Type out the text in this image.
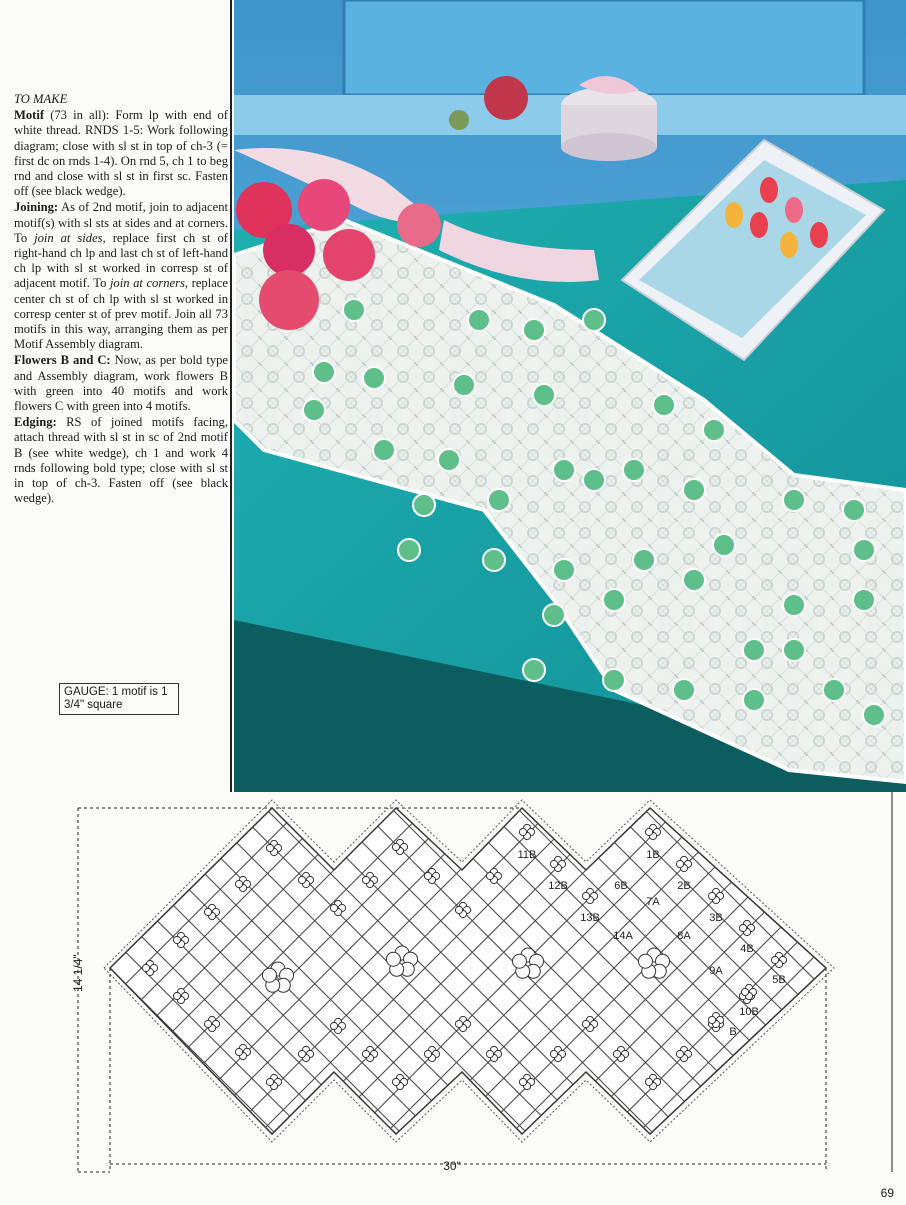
TO MAKE

Motif (73 in all): Form lp with end of white thread. RNDS 1-5: Work following diagram; close with sl st in top of ch-3 (= first dc on rnds 1-4). On rnd 5, ch 1 to beg rnd and close with sl st in first sc. Fasten off (see black wedge).

Joining: As of 2nd motif, join to adjacent motif(s) with sl sts at sides and at corners. To join at sides, replace first ch st of right-hand ch lp and last ch st of left-hand ch lp with sl st worked in corresp st of adjacent motif. To join at corners, replace center ch st of ch lp with sl st worked in corresp center st of prev motif. Join all 73 motifs in this way, arranging them as per Motif Assembly diagram.

Flowers B and C: Now, as per bold type and Assembly diagram, work flowers B with green into 40 motifs and work flowers C with green into 4 motifs.

Edging: RS of joined motifs facing, attach thread with sl st in sc of 2nd motif B (see white wedge), ch 1 and work 4 rnds following bold type; close with sl st in top of ch-3. Fasten off (see black wedge).

GAUGE: 1 motif is 1 3/4" square
14 1/4"
30"
1B
2B
3B
4B
5B
6B
7A
8A
9A
10B
11B
12B
13B
14A
B
69
